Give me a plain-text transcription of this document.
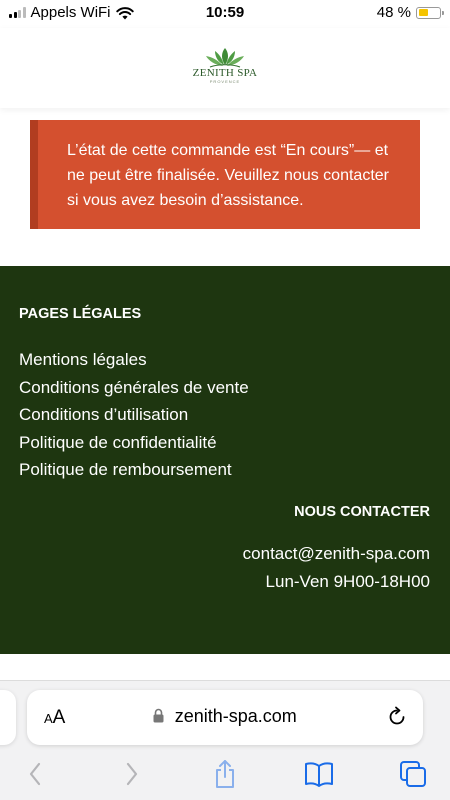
Appels WiFi	10:59	48 %
ZENITH SPA
PROVENCE

L’état de cette commande est “En cours”— et ne peut être finalisée. Veuillez nous contacter si vous avez besoin d’assistance.

PAGES LÉGALES
Mentions légales
Conditions générales de vente
Conditions d’utilisation
Politique de confidentialité
Politique de remboursement
NOUS CONTACTER
contact@zenith-spa.com
Lun-Ven 9H00-18H00
AA	zenith-spa.com
